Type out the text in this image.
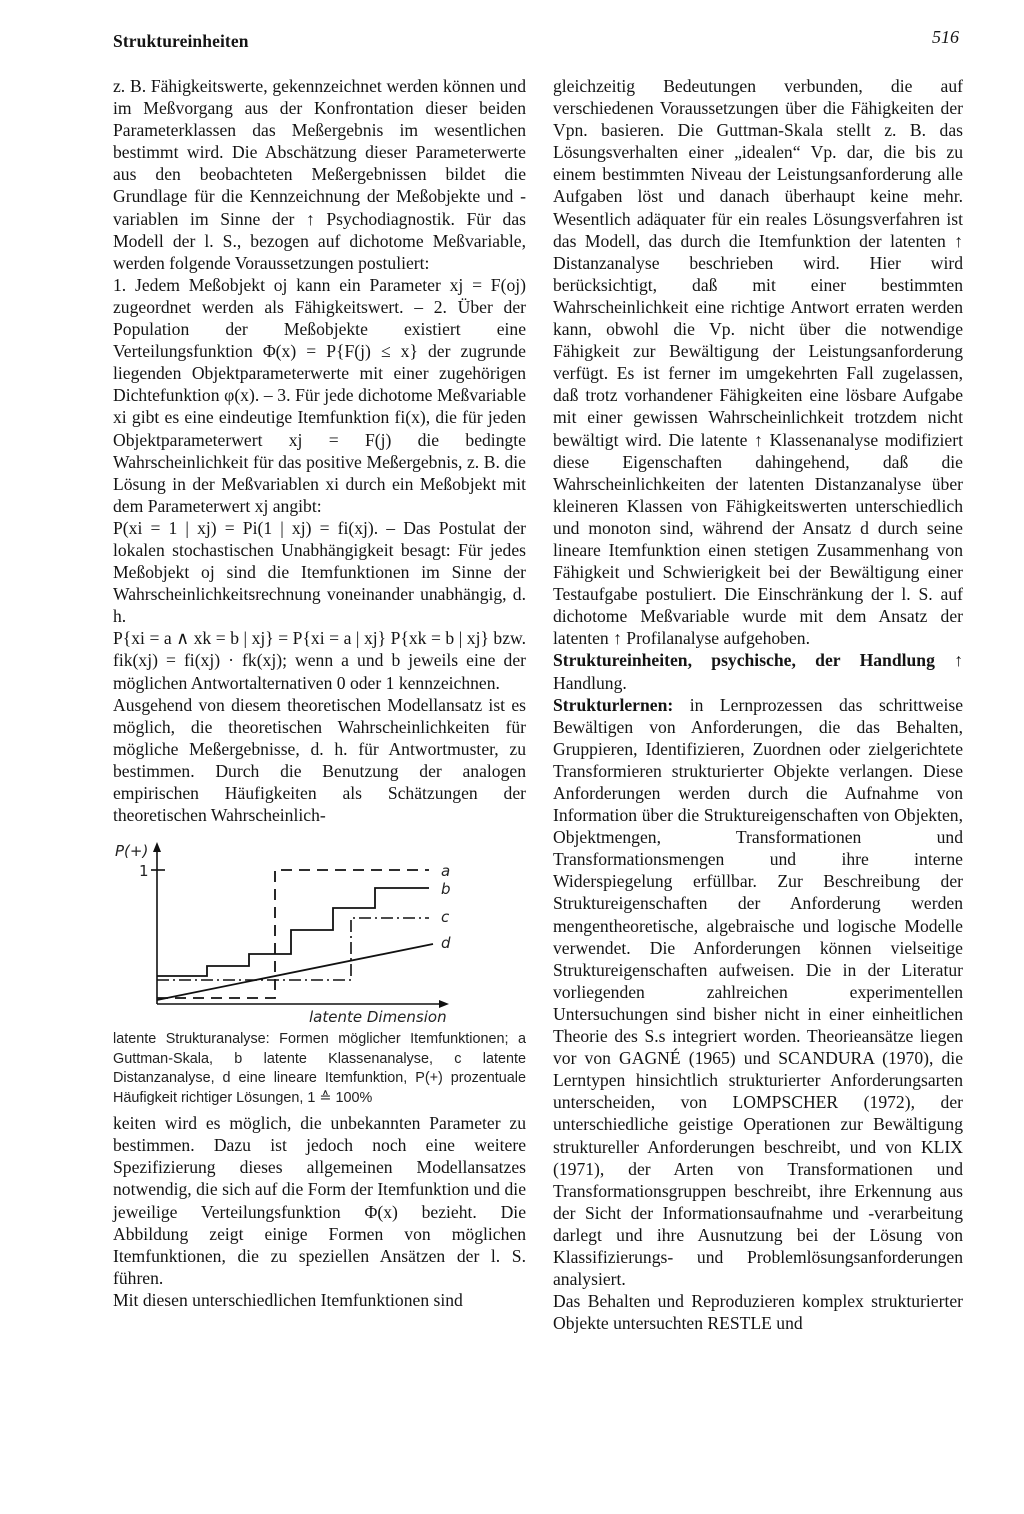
Struktureinheiten	516

z. B. Fähigkeitswerte, gekennzeichnet werden können und im Meßvorgang aus der Konfrontation dieser beiden Parameterklassen das Meßergebnis im wesentlichen bestimmt wird. Die Abschätzung dieser Parameterwerte aus den beobachteten Meßergebnissen bildet die Grundlage für die Kennzeichnung der Meßobjekte und -variablen im Sinne der ↑ Psychodiagnostik. Für das Modell der l. S., bezogen auf dichotome Meßvariable, werden folgende Voraussetzungen postuliert:

1. Jedem Meßobjekt oj kann ein Parameter xj = F(oj) zugeordnet werden als Fähigkeitswert. – 2. Über der Population der Meßobjekte existiert eine Verteilungsfunktion Φ(x) = P{F(j) ≤ x} der zugrunde liegenden Objektparameterwerte mit einer zugehörigen Dichtefunktion φ(x). – 3. Für jede dichotome Meßvariable xi gibt es eine eindeutige Itemfunktion fi(x), die für jeden Objektparameterwert xj = F(j) die bedingte Wahrscheinlichkeit für das positive Meßergebnis, z. B. die Lösung in der Meßvariablen xi durch ein Meßobjekt mit dem Parameterwert xj angibt:

P(xi = 1 | xj) = Pi(1 | xj) = fi(xj). – Das Postulat der lokalen stochastischen Unabhängigkeit besagt: Für jedes Meßobjekt oj sind die Itemfunktionen im Sinne der Wahrscheinlichkeitsrechnung voneinander unabhängig, d. h.

P{xi = a ∧ xk = b | xj} = P{xi = a | xj} P{xk = b | xj} bzw. fik(xj) = fi(xj) · fk(xj); wenn a und b jeweils eine der möglichen Antwortalternativen 0 oder 1 kennzeichnen.

Ausgehend von diesem theoretischen Modellansatz ist es möglich, die theoretischen Wahrscheinlichkeiten für mögliche Meßergebnisse, d. h. für Antwortmuster, zu bestimmen. Durch die Benutzung der analogen empirischen Häufigkeiten als Schätzungen der theoretischen Wahrscheinlich-

P(+)
1	a
b
c
d
latente Dimension

latente Strukturanalyse: Formen möglicher Itemfunktionen; a Guttman-Skala, b latente Klassenanalyse, c latente Distanzanalyse, d eine lineare Itemfunktion, P(+) prozentuale Häufigkeit richtiger Lösungen, 1 ≙ 100%

keiten wird es möglich, die unbekannten Parameter zu bestimmen. Dazu ist jedoch noch eine weitere Spezifizierung dieses allgemeinen Modellansatzes notwendig, die sich auf die Form der Itemfunktion und die jeweilige Verteilungsfunktion Φ(x) bezieht. Die Abbildung zeigt einige Formen von möglichen Itemfunktionen, die zu speziellen Ansätzen der l. S. führen.

Mit diesen unterschiedlichen Itemfunktionen sind

gleichzeitig Bedeutungen verbunden, die auf verschiedenen Voraussetzungen über die Fähigkeiten der Vpn. basieren. Die Guttman-Skala stellt z. B. das Lösungsverhalten einer „idealen“ Vp. dar, die bis zu einem bestimmten Niveau der Leistungsanforderung alle Aufgaben löst und danach überhaupt keine mehr. Wesentlich adäquater für ein reales Lösungsverfahren ist das Modell, das durch die Itemfunktion der latenten ↑ Distanzanalyse beschrieben wird. Hier wird berücksichtigt, daß mit einer bestimmten Wahrscheinlichkeit eine richtige Antwort erraten werden kann, obwohl die Vp. nicht über die notwendige Fähigkeit zur Bewältigung der Leistungsanforderung verfügt. Es ist ferner im umgekehrten Fall zugelassen, daß trotz vorhandener Fähigkeiten eine lösbare Aufgabe mit einer gewissen Wahrscheinlichkeit trotzdem nicht bewältigt wird. Die latente ↑ Klassenanalyse modifiziert diese Eigenschaften dahingehend, daß die Wahrscheinlichkeiten der latenten Distanzanalyse über kleineren Klassen von Fähigkeitswerten unterschiedlich und monoton sind, während der Ansatz d durch seine lineare Itemfunktion einen stetigen Zusammenhang von Fähigkeit und Schwierigkeit bei der Bewältigung einer Testaufgabe postuliert. Die Einschränkung der l. S. auf dichotome Meßvariable wurde mit dem Ansatz der latenten ↑ Profilanalyse aufgehoben.

Struktureinheiten, psychische, der Handlung ↑ Handlung.

Strukturlernen: in Lernprozessen das schrittweise Bewältigen von Anforderungen, die das Behalten, Gruppieren, Identifizieren, Zuordnen oder zielgerichtete Transformieren strukturierter Objekte verlangen. Diese Anforderungen werden durch die Aufnahme von Information über die Struktureigenschaften von Objekten, Objektmengen, Transformationen und Transformationsmengen und ihre interne Widerspiegelung erfüllbar. Zur Beschreibung der Struktureigenschaften der Anforderung werden mengentheoretische, algebraische und logische Modelle verwendet. Die Anforderungen können vielseitige Struktureigenschaften aufweisen. Die in der Literatur vorliegenden zahlreichen experimentellen Untersuchungen sind bisher nicht in einer einheitlichen Theorie des S.s integriert worden. Theorieansätze liegen vor von GAGNÉ (1965) und SCANDURA (1970), die Lerntypen hinsichtlich strukturierter Anforderungsarten unterscheiden, von LOMPSCHER (1972), der unterschiedliche geistige Operationen zur Bewältigung struktureller Anforderungen beschreibt, und von KLIX (1971), der Arten von Transformationen und Transformationsgruppen beschreibt, ihre Erkennung aus der Sicht der Informationsaufnahme und -verarbeitung darlegt und ihre Ausnutzung bei der Lösung von Klassifizierungs- und Problemlösungsanforderungen analysiert.

Das Behalten und Reproduzieren komplex strukturierter Objekte untersuchten RESTLE und
